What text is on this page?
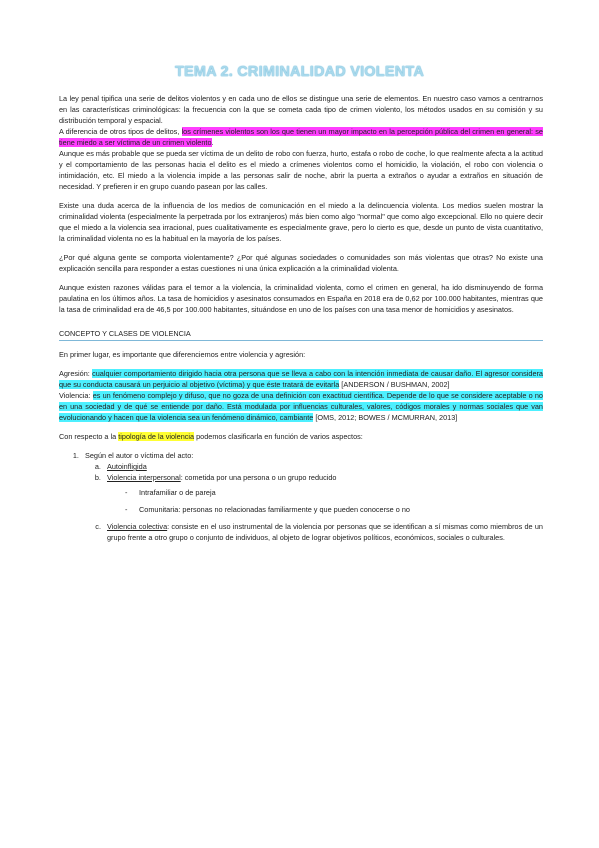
TEMA 2. CRIMINALIDAD VIOLENTA

La ley penal tipifica una serie de delitos violentos y en cada uno de ellos se distingue una serie de elementos. En nuestro caso vamos a centrarnos en las características criminológicas: la frecuencia con la que se cometa cada tipo de crimen violento, los métodos usados en su comisión y su distribución temporal y espacial.

A diferencia de otros tipos de delitos, los crímenes violentos son los que tienen un mayor impacto en la percepción pública del crimen en general: se tiene miedo a ser víctima de un crimen violento.

Aunque es más probable que se pueda ser víctima de un delito de robo con fuerza, hurto, estafa o robo de coche, lo que realmente afecta a la actitud y el comportamiento de las personas hacia el delito es el miedo a crímenes violentos como el homicidio, la violación, el robo con violencia o intimidación, etc. El miedo a la violencia impide a las personas salir de noche, abrir la puerta a extraños o ayudar a extraños en situación de necesidad. Y prefieren ir en grupo cuando pasean por las calles.

Existe una duda acerca de la influencia de los medios de comunicación en el miedo a la delincuencia violenta. Los medios suelen mostrar la criminalidad violenta (especialmente la perpetrada por los extranjeros) más bien como algo "normal" que como algo excepcional. Ello no quiere decir que el miedo a la violencia sea irracional, pues cualitativamente es especialmente grave, pero lo cierto es que, desde un punto de vista cuantitativo, la criminalidad violenta no es la habitual en la mayoría de los países.

¿Por qué alguna gente se comporta violentamente? ¿Por qué algunas sociedades o comunidades son más violentas que otras? No existe una explicación sencilla para responder a estas cuestiones ni una única explicación a la criminalidad violenta.

Aunque existen razones válidas para el temor a la violencia, la criminalidad violenta, como el crimen en general, ha ido disminuyendo de forma paulatina en los últimos años. La tasa de homicidios y asesinatos consumados en España en 2018 era de 0,62 por 100.000 habitantes, mientras que la tasa de criminalidad era de 46,5 por 100.000 habitantes, situándose en uno de los países con una tasa menor de homicidios y asesinatos.

CONCEPTO Y CLASES DE VIOLENCIA

En primer lugar, es importante que diferenciemos entre violencia y agresión:

Agresión: cualquier comportamiento dirigido hacia otra persona que se lleva a cabo con la intención inmediata de causar daño. El agresor considera que su conducta causará un perjuicio al objetivo (víctima) y que éste tratará de evitarla [ANDERSON / BUSHMAN, 2002]

Violencia: es un fenómeno complejo y difuso, que no goza de una definición con exactitud científica. Depende de lo que se considere aceptable o no en una sociedad y de qué se entiende por daño. Está modulada por influencias culturales, valores, códigos morales y normas sociales que van evolucionando y hacen que la violencia sea un fenómeno dinámico, cambiante [OMS, 2012; BOWES / MCMURRAN, 2013]

Con respecto a la tipología de la violencia podemos clasificarla en función de varios aspectos:

1. Según el autor o víctima del acto:
a. Autoinfligida
b. Violencia interpersonal: cometida por una persona o un grupo reducido
- Intrafamiliar o de pareja
- Comunitaria: personas no relacionadas familiarmente y que pueden conocerse o no
c. Violencia colectiva: consiste en el uso instrumental de la violencia por personas que se identifican a sí mismas como miembros de un grupo frente a otro grupo o conjunto de individuos, al objeto de lograr objetivos políticos, económicos, sociales o culturales.
